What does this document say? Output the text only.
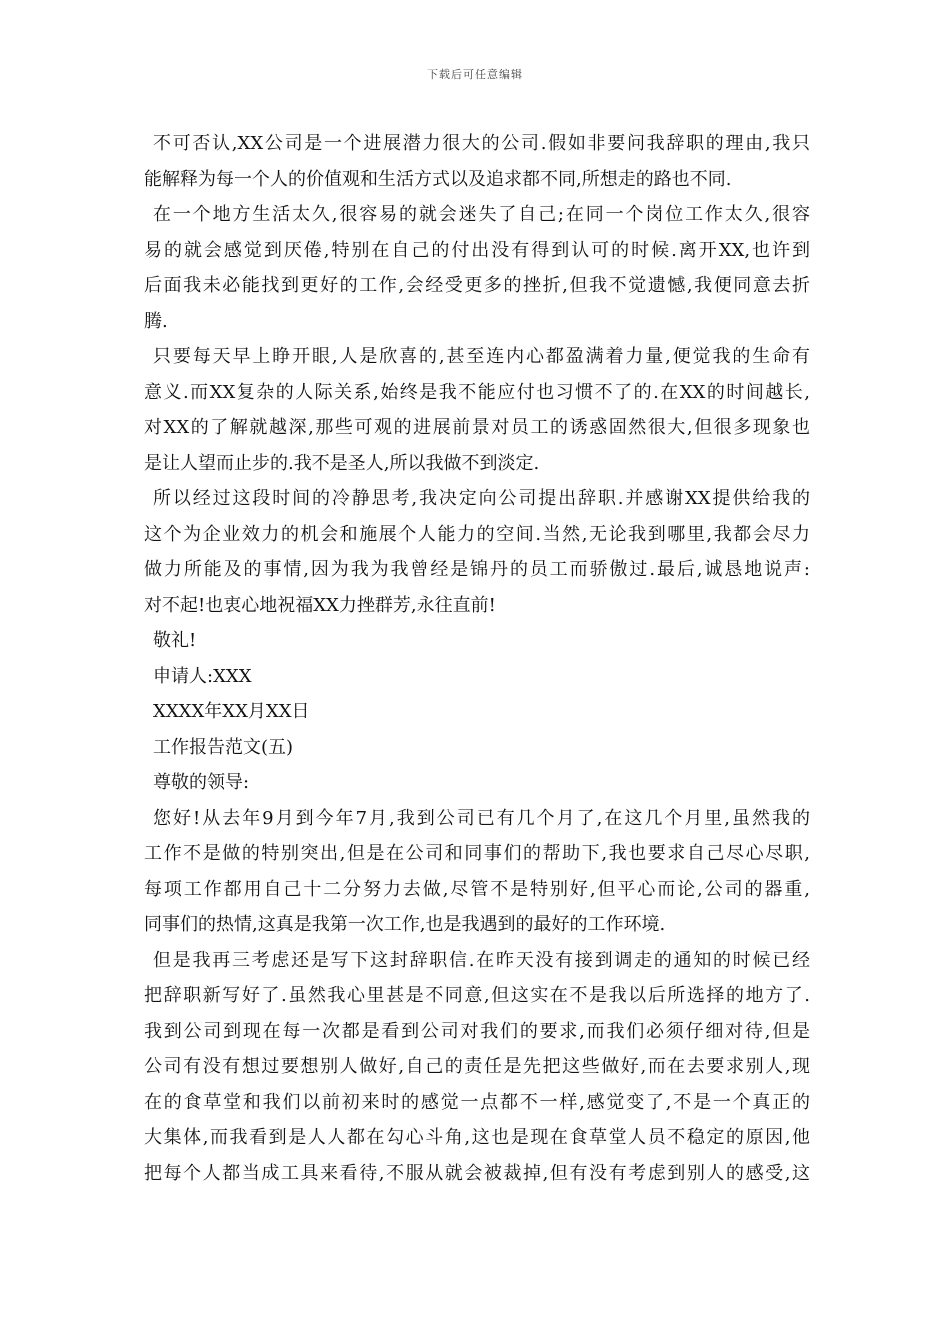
下载后可任意编辑
不可否认,XX公司是一个进展潜力很大的公司.假如非要问我辞职的理由,我只
能解释为每一个人的价值观和生活方式以及追求都不同,所想走的路也不同.
在一个地方生活太久,很容易的就会迷失了自己;在同一个岗位工作太久,很容
易的就会感觉到厌倦,特别在自己的付出没有得到认可的时候.离开XX,也许到
后面我未必能找到更好的工作,会经受更多的挫折,但我不觉遗憾,我便同意去折
腾.
只要每天早上睁开眼,人是欣喜的,甚至连内心都盈满着力量,便觉我的生命有
意义.而XX复杂的人际关系,始终是我不能应付也习惯不了的.在XX的时间越长,
对XX的了解就越深,那些可观的进展前景对员工的诱惑固然很大,但很多现象也
是让人望而止步的.我不是圣人,所以我做不到淡定.
所以经过这段时间的冷静思考,我决定向公司提出辞职.并感谢XX提供给我的
这个为企业效力的机会和施展个人能力的空间.当然,无论我到哪里,我都会尽力
做力所能及的事情,因为我为我曾经是锦丹的员工而骄傲过.最后,诚恳地说声:
对不起!也衷心地祝福XX力挫群芳,永往直前!
敬礼!
申请人:XXX
XXXX年XX月XX日
工作报告范文(五)
尊敬的领导:
您好!从去年9月到今年7月,我到公司已有几个月了,在这几个月里,虽然我的
工作不是做的特别突出,但是在公司和同事们的帮助下,我也要求自己尽心尽职,
每项工作都用自己十二分努力去做,尽管不是特别好,但平心而论,公司的器重,
同事们的热情,这真是我第一次工作,也是我遇到的最好的工作环境.
但是我再三考虑还是写下这封辞职信.在昨天没有接到调走的通知的时候已经
把辞职新写好了.虽然我心里甚是不同意,但这实在不是我以后所选择的地方了.
我到公司到现在每一次都是看到公司对我们的要求,而我们必须仔细对待,但是
公司有没有想过要想别人做好,自己的责任是先把这些做好,而在去要求别人,现
在的食草堂和我们以前初来时的感觉一点都不一样,感觉变了,不是一个真正的
大集体,而我看到是人人都在勾心斗角,这也是现在食草堂人员不稳定的原因,他
把每个人都当成工具来看待,不服从就会被裁掉,但有没有考虑到别人的感受,这
